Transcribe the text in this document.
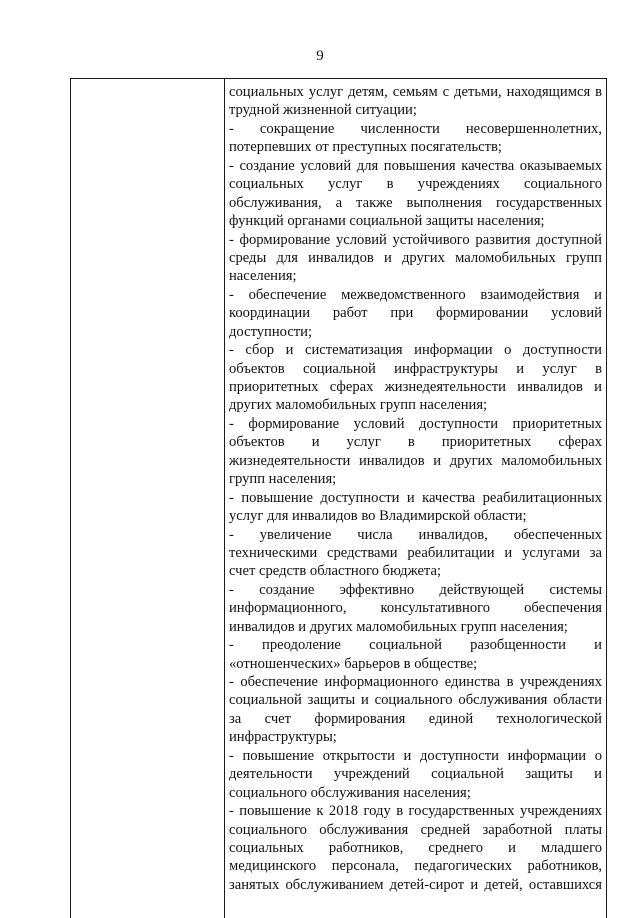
9
социальных услуг детям, семьям с детьми, находящимся в
трудной жизненной ситуации;
- сокращение численности несовершеннолетних,
потерпевших от преступных посягательств;
- создание условий для повышения качества оказываемых
социальных услуг в учреждениях социального
обслуживания, а также выполнения государственных
функций органами социальной защиты населения;
- формирование условий устойчивого развития доступной
среды для инвалидов и других маломобильных групп
населения;
- обеспечение межведомственного взаимодействия и
координации работ при формировании условий
доступности;
- сбор и систематизация информации о доступности
объектов социальной инфраструктуры и услуг в
приоритетных сферах жизнедеятельности инвалидов и
других маломобильных групп населения;
- формирование условий доступности приоритетных
объектов и услуг в приоритетных сферах
жизнедеятельности инвалидов и других маломобильных
групп населения;
- повышение доступности и качества реабилитационных
услуг для инвалидов во Владимирской области;
- увеличение числа инвалидов, обеспеченных
техническими средствами реабилитации и услугами за
счет средств областного бюджета;
- создание эффективно действующей системы
информационного, консультативного обеспечения
инвалидов и других маломобильных групп населения;
- преодоление социальной разобщенности и
«отношенческих» барьеров в обществе;
- обеспечение информационного единства в учреждениях
социальной защиты и социального обслуживания области
за счет формирования единой технологической
инфраструктуры;
- повышение открытости и доступности информации о
деятельности учреждений социальной защиты и
социального обслуживания населения;
- повышение к 2018 году в государственных учреждениях
социального обслуживания средней заработной платы
социальных работников, среднего и младшего
медицинского персонала, педагогических работников,
занятых обслуживанием детей-сирот и детей, оставшихся
